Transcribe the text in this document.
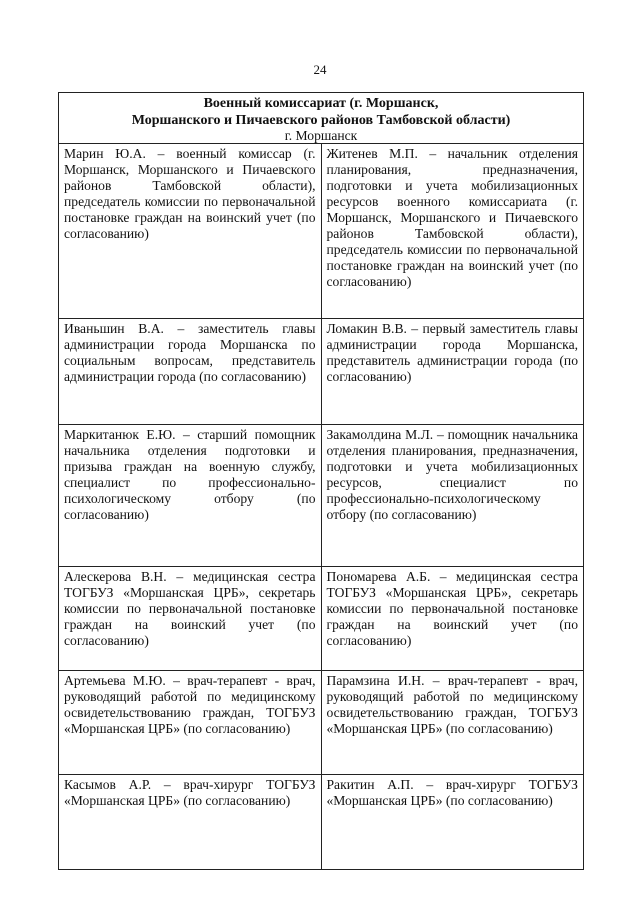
24
Военный комиссариат (г. Моршанск,
Моршанского и Пичаевского районов Тамбовской области)
г. Моршанск	

Марин Ю.А. – военный комиссар (г. Моршанск, Моршанского и Пичаевского районов Тамбовской области), председатель комиссии по первоначальной постановке граждан на воинский учет (по согласованию)	Житенев М.П. – начальник отделения планирования, предназначения, подготовки и учета мобилизационных ресурсов военного комиссариата (г. Моршанск, Моршанского и Пичаевского районов Тамбовской области), председатель комиссии по первоначальной постановке граждан на воинский учет (по согласованию)

Иваньшин В.А. – заместитель главы администрации города Моршанска по социальным вопросам, представитель администрации города (по согласованию)	Ломакин В.В. – первый заместитель главы администрации города Моршанска, представитель администрации города (по согласованию)

Маркитанюк Е.Ю. – старший помощник начальника отделения подготовки и призыва граждан на военную службу, специалист по профессионально-психологическому отбору (по согласованию)	Закамолдина М.Л. – помощник начальника отделения планирования, предназначения, подготовки и учета мобилизационных ресурсов, специалист по профессионально-психологическому отбору (по согласованию)

Алескерова В.Н. – медицинская сестра ТОГБУЗ «Моршанская ЦРБ», секретарь комиссии по первоначальной постановке граждан на воинский учет (по согласованию)	Пономарева А.Б. – медицинская сестра ТОГБУЗ «Моршанская ЦРБ», секретарь комиссии по первоначальной постановке граждан на воинский учет (по согласованию)

Артемьева М.Ю. – врач-терапевт - врач, руководящий работой по медицинскому освидетельствованию граждан, ТОГБУЗ «Моршанская ЦРБ» (по согласованию)	Парамзина И.Н. – врач-терапевт - врач, руководящий работой по медицинскому освидетельствованию граждан, ТОГБУЗ «Моршанская ЦРБ» (по согласованию)

Касымов А.Р. – врач-хирург ТОГБУЗ «Моршанская ЦРБ» (по согласованию)	Ракитин А.П. – врач-хирург ТОГБУЗ «Моршанская ЦРБ» (по согласованию)
